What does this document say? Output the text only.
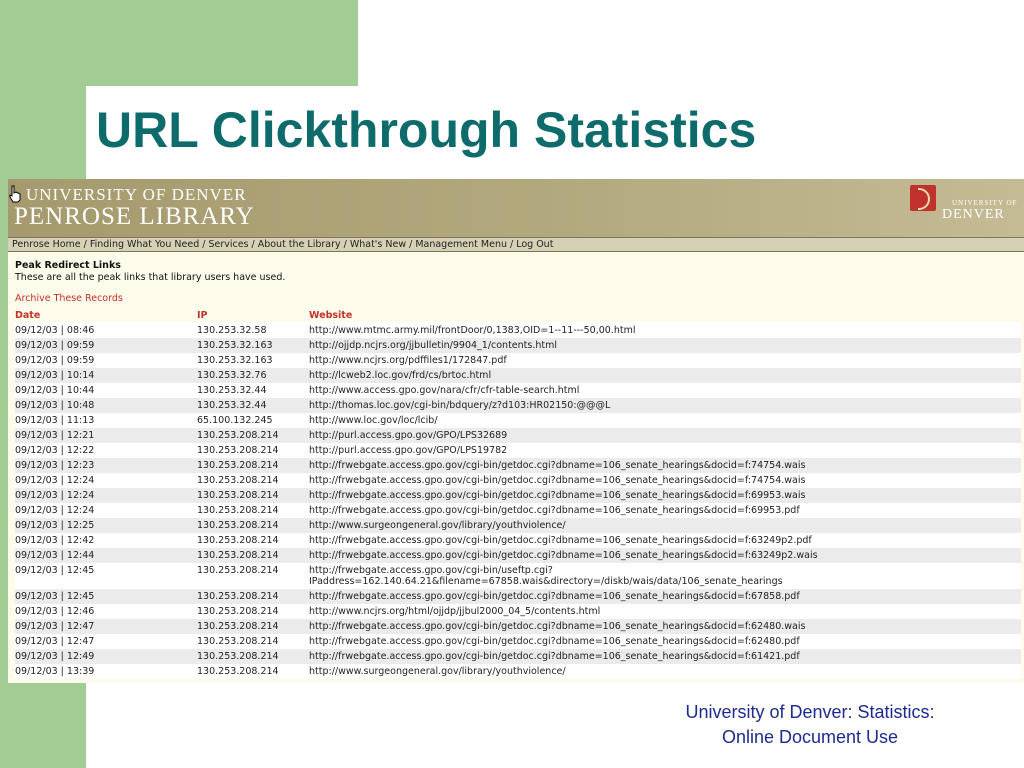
URL Clickthrough Statistics
UNIVERSITY OF DENVER
PENROSE LIBRARY	UNIVERSITY OF
DENVER
Penrose Home / Finding What You Need / Services / About the Library / What's New / Management Menu / Log Out
Peak Redirect Links
These are all the peak links that library users have used.
Archive These Records
Date	IP	Website
09/12/03 | 08:46	130.253.32.58	http://www.mtmc.army.mil/frontDoor/0,1383,OID=1--11---50,00.html
09/12/03 | 09:59	130.253.32.163	http://ojjdp.ncjrs.org/jjbulletin/9904_1/contents.html
09/12/03 | 09:59	130.253.32.163	http://www.ncjrs.org/pdffiles1/172847.pdf
09/12/03 | 10:14	130.253.32.76	http://lcweb2.loc.gov/frd/cs/brtoc.html
09/12/03 | 10:44	130.253.32.44	http://www.access.gpo.gov/nara/cfr/cfr-table-search.html
09/12/03 | 10:48	130.253.32.44	http://thomas.loc.gov/cgi-bin/bdquery/z?d103:HR02150:@@@L
09/12/03 | 11:13	65.100.132.245	http://www.loc.gov/loc/lcib/
09/12/03 | 12:21	130.253.208.214	http://purl.access.gpo.gov/GPO/LPS32689
09/12/03 | 12:22	130.253.208.214	http://purl.access.gpo.gov/GPO/LPS19782
09/12/03 | 12:23	130.253.208.214	http://frwebgate.access.gpo.gov/cgi-bin/getdoc.cgi?dbname=106_senate_hearings&docid=f:74754.wais
09/12/03 | 12:24	130.253.208.214	http://frwebgate.access.gpo.gov/cgi-bin/getdoc.cgi?dbname=106_senate_hearings&docid=f:74754.wais
09/12/03 | 12:24	130.253.208.214	http://frwebgate.access.gpo.gov/cgi-bin/getdoc.cgi?dbname=106_senate_hearings&docid=f:69953.wais
09/12/03 | 12:24	130.253.208.214	http://frwebgate.access.gpo.gov/cgi-bin/getdoc.cgi?dbname=106_senate_hearings&docid=f:69953.pdf
09/12/03 | 12:25	130.253.208.214	http://www.surgeongeneral.gov/library/youthviolence/
09/12/03 | 12:42	130.253.208.214	http://frwebgate.access.gpo.gov/cgi-bin/getdoc.cgi?dbname=106_senate_hearings&docid=f:63249p2.pdf
09/12/03 | 12:44	130.253.208.214	http://frwebgate.access.gpo.gov/cgi-bin/getdoc.cgi?dbname=106_senate_hearings&docid=f:63249p2.wais
09/12/03 | 12:45	130.253.208.214	http://frwebgate.access.gpo.gov/cgi-bin/useftp.cgi?
IPaddress=162.140.64.21&filename=67858.wais&directory=/diskb/wais/data/106_senate_hearings

09/12/03 | 12:45	130.253.208.214	http://frwebgate.access.gpo.gov/cgi-bin/getdoc.cgi?dbname=106_senate_hearings&docid=f:67858.pdf
09/12/03 | 12:46	130.253.208.214	http://www.ncjrs.org/html/ojjdp/jjbul2000_04_5/contents.html
09/12/03 | 12:47	130.253.208.214	http://frwebgate.access.gpo.gov/cgi-bin/getdoc.cgi?dbname=106_senate_hearings&docid=f:62480.wais
09/12/03 | 12:47	130.253.208.214	http://frwebgate.access.gpo.gov/cgi-bin/getdoc.cgi?dbname=106_senate_hearings&docid=f:62480.pdf
09/12/03 | 12:49	130.253.208.214	http://frwebgate.access.gpo.gov/cgi-bin/getdoc.cgi?dbname=106_senate_hearings&docid=f:61421.pdf
09/12/03 | 13:39	130.253.208.214	http://www.surgeongeneral.gov/library/youthviolence/
University of Denver: Statistics:
Online Document Use
